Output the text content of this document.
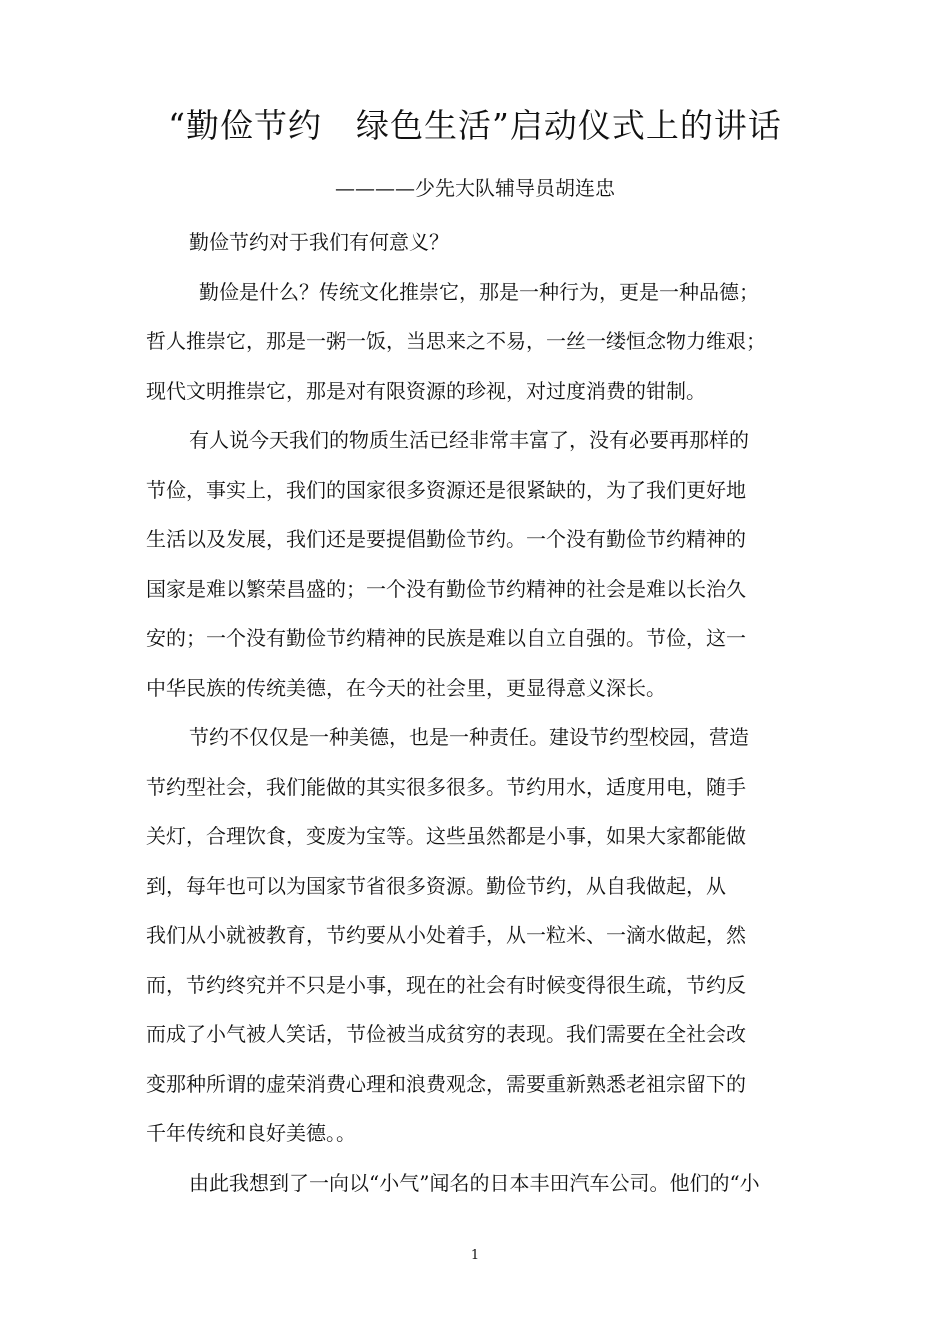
“勤俭节约　绿色生活”启动仪式上的讲话
————少先大队辅导员胡连忠
勤俭节约对于我们有何意义？
勤俭是什么？传统文化推崇它，那是一种行为，更是一种品德；
哲人推崇它，那是一粥一饭，当思来之不易，一丝一缕恒念物力维艰；
现代文明推崇它，那是对有限资源的珍视，对过度消费的钳制。
有人说今天我们的物质生活已经非常丰富了，没有必要再那样的
节俭，事实上，我们的国家很多资源还是很紧缺的，为了我们更好地
生活以及发展，我们还是要提倡勤俭节约。一个没有勤俭节约精神的
国家是难以繁荣昌盛的；一个没有勤俭节约精神的社会是难以长治久
安的；一个没有勤俭节约精神的民族是难以自立自强的。节俭，这一
中华民族的传统美德，在今天的社会里，更显得意义深长。
节约不仅仅是一种美德，也是一种责任。建设节约型校园，营造
节约型社会，我们能做的其实很多很多。节约用水，适度用电，随手
关灯，合理饮食，变废为宝等。这些虽然都是小事，如果大家都能做
到，每年也可以为国家节省很多资源。勤俭节约，从自我做起，从
我们从小就被教育，节约要从小处着手，从一粒米、一滴水做起，然
而，节约终究并不只是小事，现在的社会有时候变得很生疏，节约反
而成了小气被人笑话，节俭被当成贫穷的表现。我们需要在全社会改
变那种所谓的虚荣消费心理和浪费观念，需要重新熟悉老祖宗留下的
千年传统和良好美德。。
由此我想到了一向以“小气”闻名的日本丰田汽车公司。他们的“小
1
